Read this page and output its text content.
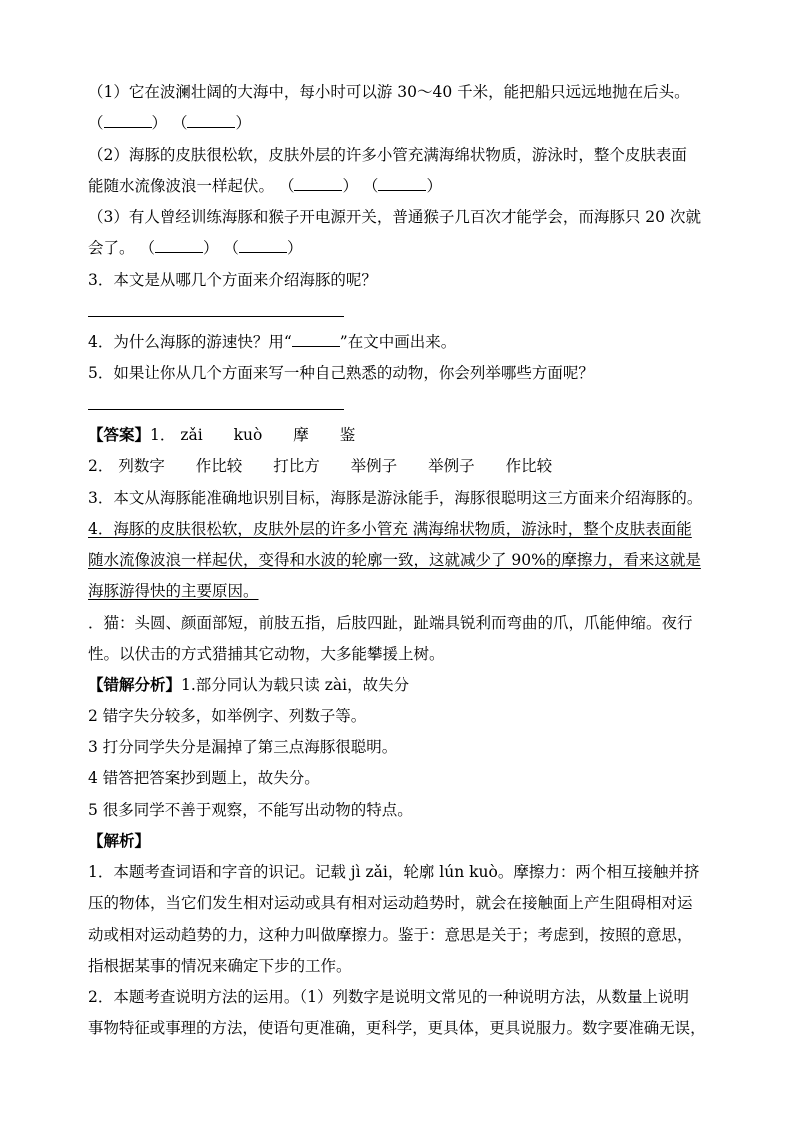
（1）它在波澜壮阔的大海中，每小时可以游 30～40 千米，能把船只远远地抛在后头。
（	） （	）
（2）海豚的皮肤很松软，皮肤外层的许多小管充满海绵状物质，游泳时，整个皮肤表面
能随水流像波浪一样起伏。 （	） （	）
（3）有人曾经训练海豚和猴子开电源开关，普通猴子几百次才能学会，而海豚只 20 次就
会了。 （	） （	）
3．本文是从哪几个方面来介绍海豚的呢？
4．为什么海豚的游速快？用“	”在文中画出来。
5．如果让你从几个方面来写一种自己熟悉的动物，你会列举哪些方面呢？
【答案】1． zǎi kuò 摩 鉴
2． 列数字 作比较 打比方 举例子 举例子 作比较
3．本文从海豚能准确地识别目标，海豚是游泳能手，海豚很聪明这三方面来介绍海豚的。
4．海豚的皮肤很松软，皮肤外层的许多小管充 满海绵状物质，游泳时，整个皮肤表面能
随水流像波浪一样起伏，变得和水波的轮廓一致，这就减少了 90%的摩擦力，看来这就是
海豚游得快的主要原因。
．猫：头圆、颜面部短，前肢五指，后肢四趾，趾端具锐利而弯曲的爪，爪能伸缩。夜行
性。以伏击的方式猎捕其它动物，大多能攀援上树。
【错解分析】1.部分同认为载只读 zài，故失分
2 错字失分较多，如举例字、列数子等。
3 打分同学失分是漏掉了第三点海豚很聪明。
4 错答把答案抄到题上，故失分。
5 很多同学不善于观察，不能写出动物的特点。
【解析】
1．本题考查词语和字音的识记。记载 jì zǎi，轮廓 lún kuò。摩擦力：两个相互接触并挤
压的物体，当它们发生相对运动或具有相对运动趋势时，就会在接触面上产生阻碍相对运
动或相对运动趋势的力，这种力叫做摩擦力。鉴于：意思是关于；考虑到，按照的意思，
指根据某事的情况来确定下步的工作。
2．本题考查说明方法的运用。（1）列数字是说明文常见的一种说明方法，从数量上说明
事物特征或事理的方法，使语句更准确，更科学，更具体，更具说服力。数字要准确无误，
